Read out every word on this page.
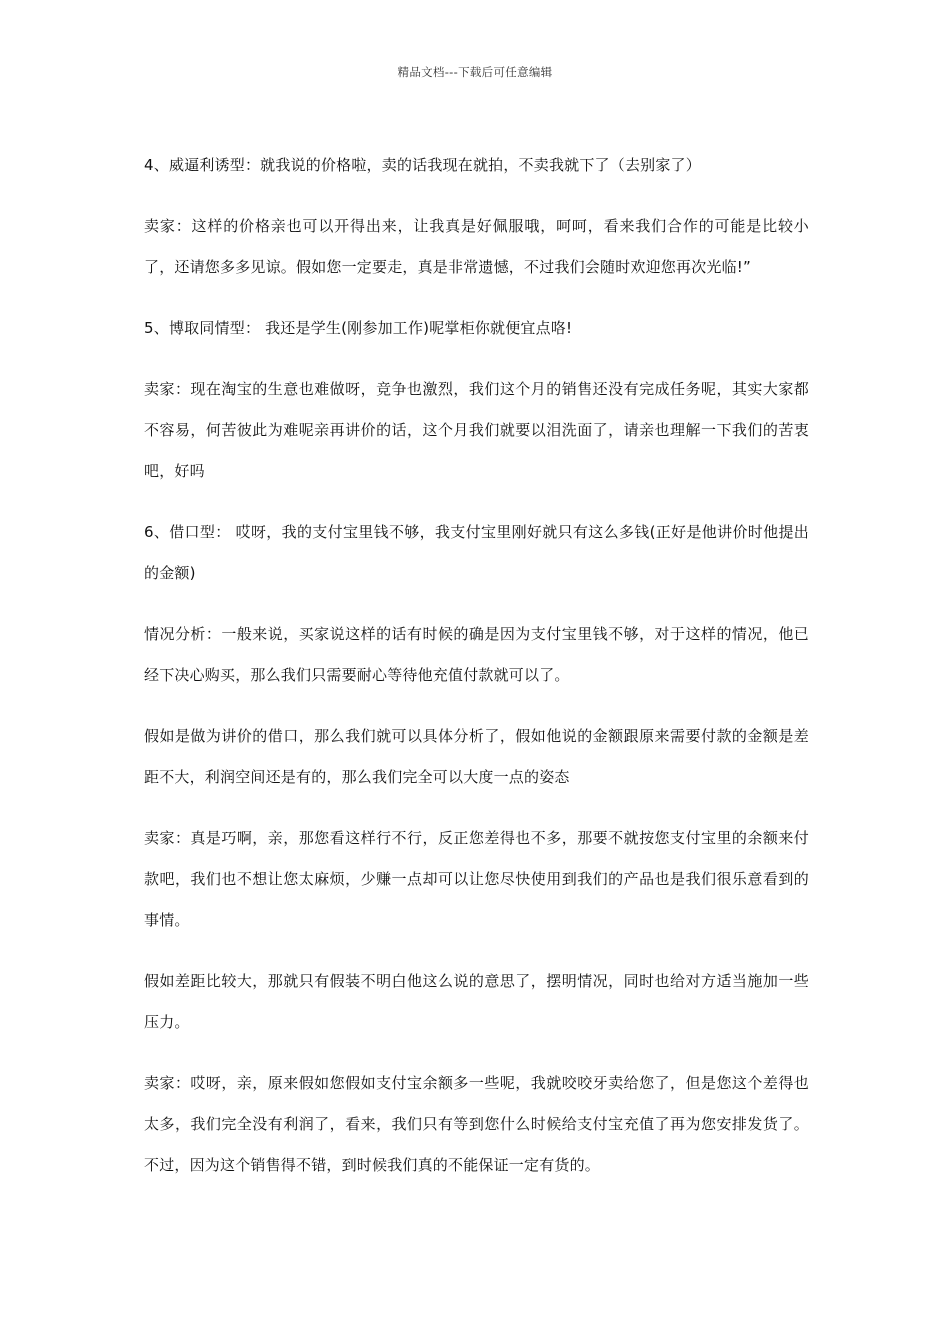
精品文档---下载后可任意编辑

4、威逼利诱型：就我说的价格啦，卖的话我现在就拍，不卖我就下了（去别家了）

卖家：这样的价格亲也可以开得出来，让我真是好佩服哦，呵呵，看来我们合作的可能是比较小了，还请您多多见谅。假如您一定要走，真是非常遗憾，不过我们会随时欢迎您再次光临!”

5、博取同情型： 我还是学生(刚参加工作)呢掌柜你就便宜点咯!

卖家：现在淘宝的生意也难做呀，竞争也激烈，我们这个月的销售还没有完成任务呢，其实大家都不容易，何苦彼此为难呢亲再讲价的话，这个月我们就要以泪洗面了，请亲也理解一下我们的苦衷吧，好吗

6、借口型： 哎呀，我的支付宝里钱不够，我支付宝里刚好就只有这么多钱(正好是他讲价时他提出的金额)

情况分析：一般来说，买家说这样的话有时候的确是因为支付宝里钱不够，对于这样的情况，他已经下决心购买，那么我们只需要耐心等待他充值付款就可以了。

假如是做为讲价的借口，那么我们就可以具体分析了，假如他说的金额跟原来需要付款的金额是差距不大，利润空间还是有的，那么我们完全可以大度一点的姿态

卖家：真是巧啊，亲，那您看这样行不行，反正您差得也不多，那要不就按您支付宝里的余额来付款吧，我们也不想让您太麻烦，少赚一点却可以让您尽快使用到我们的产品也是我们很乐意看到的事情。

假如差距比较大，那就只有假装不明白他这么说的意思了，摆明情况，同时也给对方适当施加一些压力。

卖家：哎呀，亲，原来假如您假如支付宝余额多一些呢，我就咬咬牙卖给您了，但是您这个差得也太多，我们完全没有利润了，看来，我们只有等到您什么时候给支付宝充值了再为您安排发货了。不过，因为这个销售得不错，到时候我们真的不能保证一定有货的。
